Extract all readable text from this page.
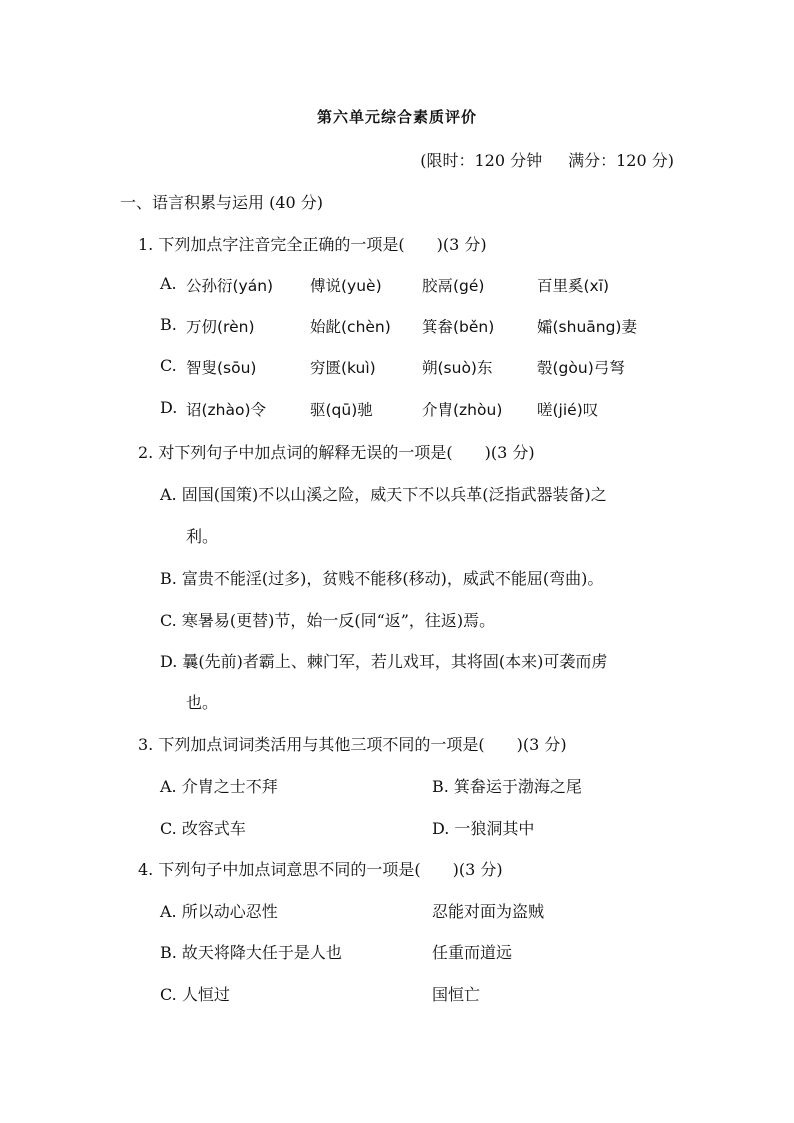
第六单元综合素质评价
(限时：120 分钟 满分：120 分)
一、语言积累与运用 (40 分)
1. 下列加点字注音完全正确的一项是(　　)(3 分)
A. 公孙衍(yán) 傅说(yuè)	胶鬲(gé)	百里奚(xī)
B. 万仞(rèn)	始龀(chèn) 箕畚(běn)	孀(shuāng)妻
C. 智叟(sōu)	穷匮(kuì)	朔(suò)东	彀(gòu)弓弩
D. 诏(zhào)令	驱(qū)驰	介胄(zhòu) 嗟(jié)叹
2. 对下列句子中加点词的解释无误的一项是(　　)(3 分)
A. 固国(国策)不以山溪之险，威天下不以兵革(泛指武器装备)之
利。
B. 富贵不能淫(过多)，贫贱不能移(移动)，威武不能屈(弯曲)。
C. 寒暑易(更替)节，始一反(同“返”，往返)焉。
D. 曩(先前)者霸上、棘门军，若儿戏耳，其将固(本来)可袭而虏
也。
3. 下列加点词词类活用与其他三项不同的一项是(　　)(3 分)
A. 介胄之士不拜	B. 箕畚运于渤海之尾
C. 改容式车	D. 一狼洞其中
4. 下列句子中加点词意思不同的一项是(　　)(3 分)
A. 所以动心忍性	忍能对面为盗贼
B. 故天将降大任于是人也	任重而道远
C. 人恒过	国恒亡
